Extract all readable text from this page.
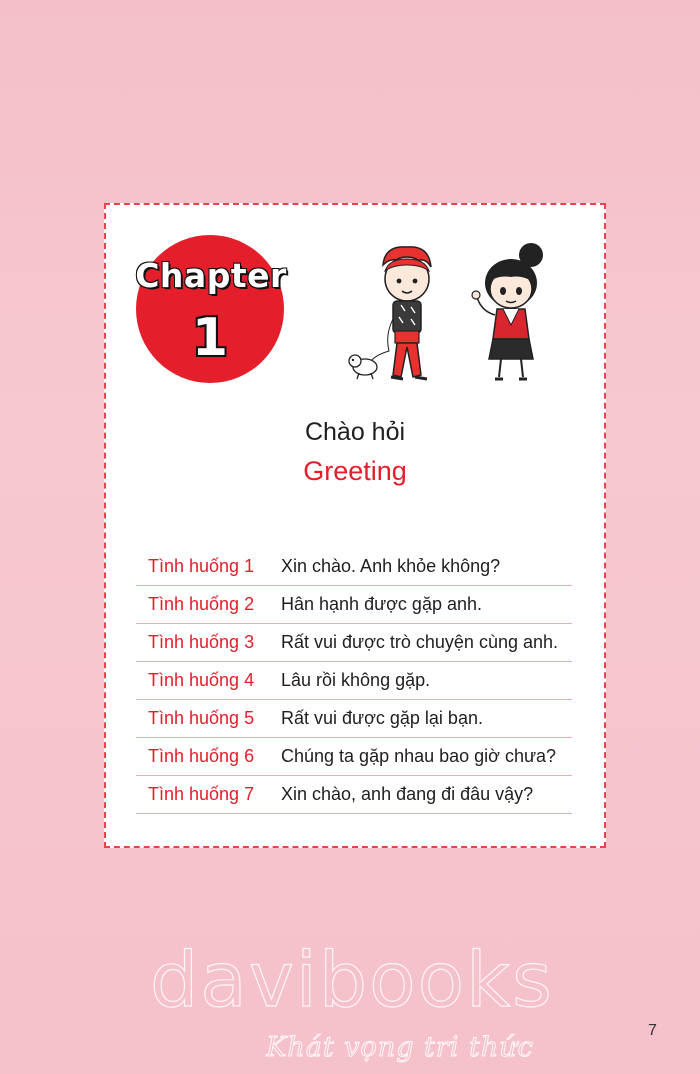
Chapter
1
Chào hỏi
Greeting
Tình huống 1	Xin chào. Anh khỏe không?
Tình huống 2	Hân hạnh được gặp anh.
Tình huống 3	Rất vui được trò chuyện cùng anh.
Tình huống 4	Lâu rồi không gặp.
Tình huống 5	Rất vui được gặp lại bạn.
Tình huống 6	Chúng ta gặp nhau bao giờ chưa?
Tình huống 7	Xin chào, anh đang đi đâu vậy?
davibooks
Khát vọng tri thức
7
